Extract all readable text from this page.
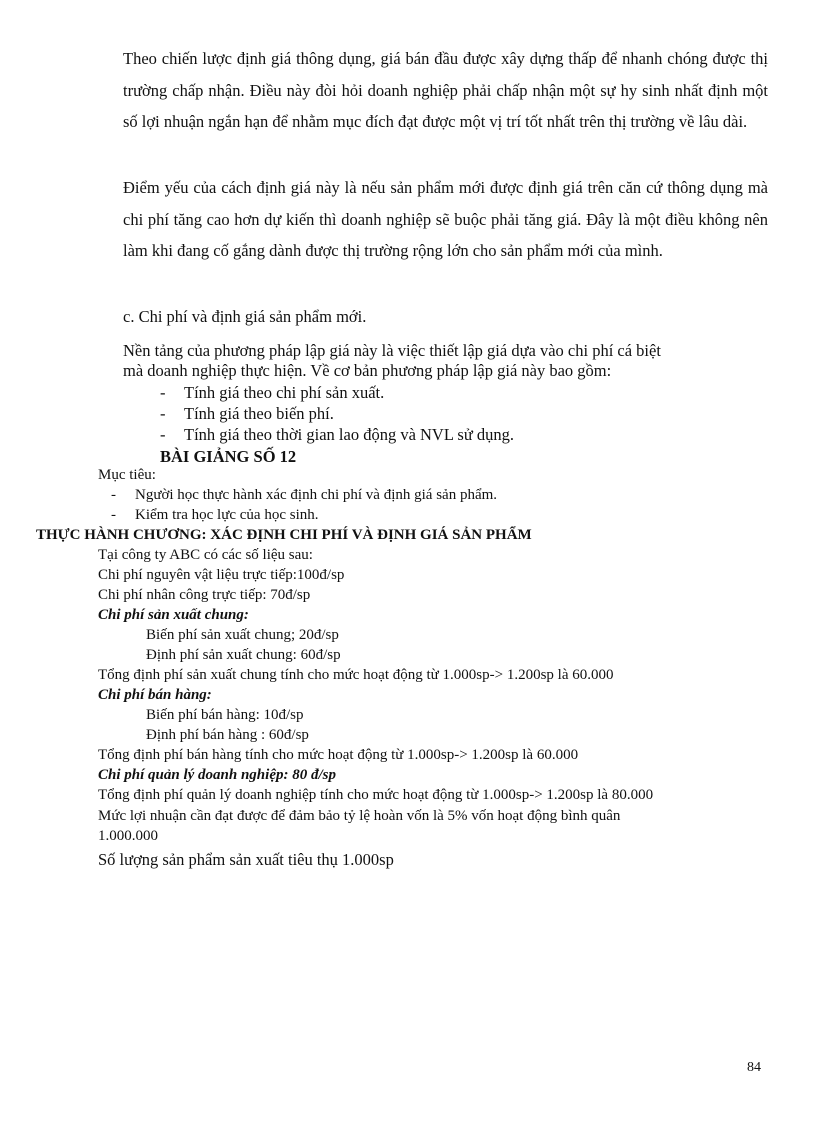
Theo chiến lược định giá thông dụng, giá bán đầu được xây dựng thấp để nhanh chóng được thị trường chấp nhận. Điều này đòi hỏi doanh nghiệp phải chấp nhận một sự hy sinh nhất định một số lợi nhuận ngắn hạn để nhằm mục đích đạt được một vị trí tốt nhất trên thị trường về lâu dài.

Điểm yếu của cách định giá này là nếu sản phẩm mới được định giá trên căn cứ thông dụng mà chi phí tăng cao hơn dự kiến thì doanh nghiệp sẽ buộc phải tăng giá. Đây là một điều không nên làm khi đang cố gắng dành được thị trường rộng lớn cho sản phẩm mới của mình.

c. Chi phí và định giá sản phẩm mới.
Nền tảng của phương pháp lập giá này là việc thiết lập giá dựa vào chi phí cá biệt
mà doanh nghiệp thực hiện. Về cơ bản phương pháp lập giá này bao gồm:
- Tính giá theo chi phí sản xuất.
- Tính giá theo biến phí.
- Tính giá theo thời gian lao động và NVL sử dụng.
BÀI GIẢNG SỐ 12
Mục tiêu:
- Người học thực hành xác định chi phí và định giá sản phẩm.
- Kiểm tra học lực của học sinh.
THỰC HÀNH CHƯƠNG: XÁC ĐỊNH CHI PHÍ VÀ ĐỊNH GIÁ SẢN PHẨM
Tại công ty ABC có các số liệu sau:
Chi phí nguyên vật liệu trực tiếp:100đ/sp
Chi phí nhân công trực tiếp: 70đ/sp
Chi phí sản xuất chung:
Biến phí sản xuất chung; 20đ/sp
Định phí sản xuất chung: 60đ/sp
Tổng định phí sản xuất chung tính cho mức hoạt động từ 1.000sp-> 1.200sp là 60.000
Chi phí bán hàng:
Biến phí bán hàng: 10đ/sp
Định phí bán hàng : 60đ/sp
Tổng định phí bán hàng tính cho mức hoạt động từ 1.000sp-> 1.200sp là 60.000
Chi phí quản lý doanh nghiệp: 80 đ/sp
Tổng định phí quản lý doanh nghiệp tính cho mức hoạt động từ 1.000sp-> 1.200sp là 80.000
Mức lợi nhuận cần đạt được để đảm bảo tỷ lệ hoàn vốn là 5% vốn hoạt động bình quân
1.000.000
Số lượng sản phẩm sản xuất tiêu thụ 1.000sp
84
